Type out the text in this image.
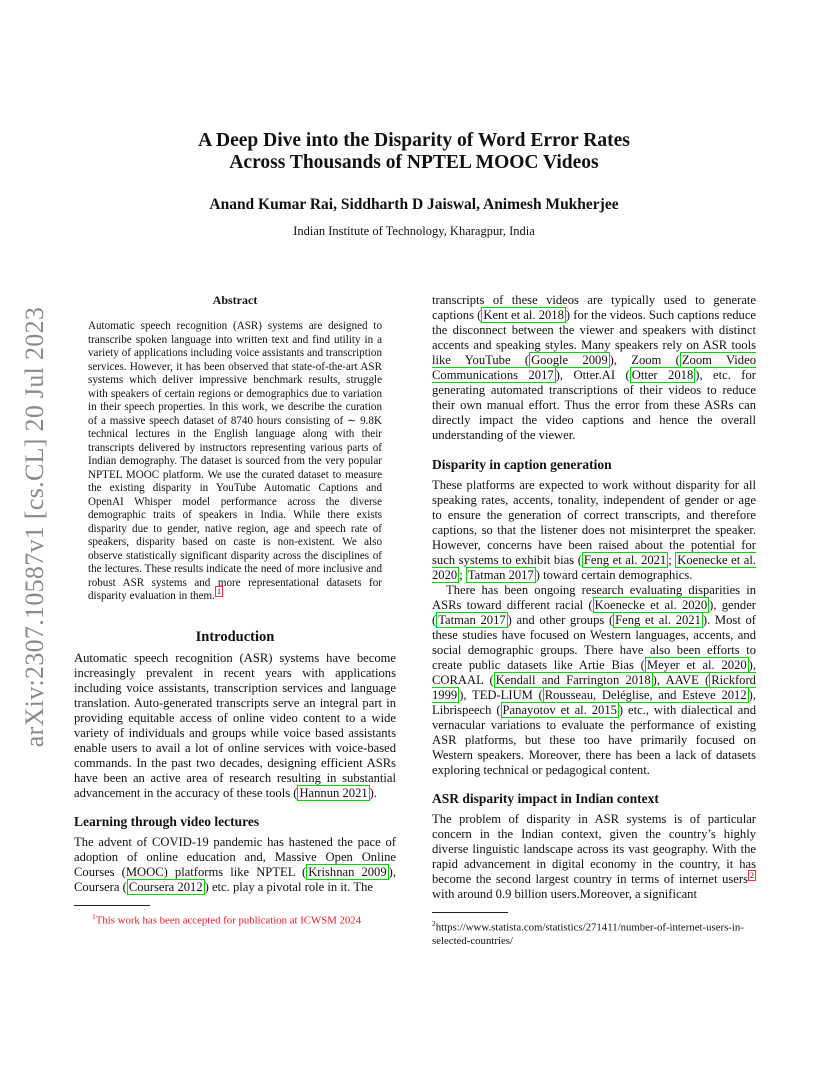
arXiv:2307.10587v1 [cs.CL] 20 Jul 2023
A Deep Dive into the Disparity of Word Error Rates
Across Thousands of NPTEL MOOC Videos
Anand Kumar Rai, Siddharth D Jaiswal, Animesh Mukherjee
Indian Institute of Technology, Kharagpur, India
Abstract

Automatic speech recognition (ASR) systems are designed to transcribe spoken language into written text and find utility in a variety of applications including voice assistants and transcription services. However, it has been observed that state-of-the-art ASR systems which deliver impressive benchmark results, struggle with speakers of certain regions or demographics due to variation in their speech properties. In this work, we describe the curation of a massive speech dataset of 8740 hours consisting of ∼ 9.8K technical lectures in the English language along with their transcripts delivered by instructors representing various parts of Indian demography. The dataset is sourced from the very popular NPTEL MOOC platform. We use the curated dataset to measure the existing disparity in YouTube Automatic Captions and OpenAI Whisper model performance across the diverse demographic traits of speakers in India. While there exists disparity due to gender, native region, age and speech rate of speakers, disparity based on caste is non-existent. We also observe statistically significant disparity across the disciplines of the lectures. These results indicate the need of more inclusive and robust ASR systems and more representational datasets for disparity evaluation in them. $^1$

Introduction

Automatic speech recognition (ASR) systems have become increasingly prevalent in recent years with applications including voice assistants, transcription services and language translation. Auto-generated transcripts serve an integral part in providing equitable access of online video content to a wide variety of individuals and groups while voice based assistants enable users to avail a lot of online services with voice-based commands. In the past two decades, designing efficient ASRs have been an active area of research resulting in substantial advancement in the accuracy of these tools ( Hannun 2021 ).

Learning through video lectures

The advent of COVID-19 pandemic has hastened the pace of adoption of online education and, Massive Open Online Courses (MOOC) platforms like NPTEL ( Krishnan 2009 ), Coursera ( Coursera 2012 ) etc. play a pivotal role in it. The

$^1$This work has been accepted for publication at ICWSM 2024

transcripts of these videos are typically used to generate captions ( Kent et al. 2018 ) for the videos. Such captions reduce the disconnect between the viewer and speakers with distinct accents and speaking styles. Many speakers rely on ASR tools like YouTube ( Google 2009 ), Zoom ( Zoom Video Communications 2017 ), Otter.AI ( Otter 2018 ), etc. for generating automated transcriptions of their videos to reduce their own manual effort. Thus the error from these ASRs can directly impact the video captions and hence the overall understanding of the viewer.

Disparity in caption generation

These platforms are expected to work without disparity for all speaking rates, accents, tonality, independent of gender or age to ensure the generation of correct transcripts, and therefore captions, so that the listener does not misinterpret the speaker. However, concerns have been raised about the potential for such systems to exhibit bias ( Feng et al. 2021 ; Koenecke et al. 2020 ; Tatman 2017 ) toward certain demographics.

There has been ongoing research evaluating disparities in ASRs toward different racial ( Koenecke et al. 2020 ), gender ( Tatman 2017 ) and other groups ( Feng et al. 2021 ). Most of these studies have focused on Western languages, accents, and social demographic groups. There have also been efforts to create public datasets like Artie Bias ( Meyer et al. 2020 ), CORAAL ( Kendall and Farrington 2018 ), AAVE ( Rickford 1999 ), TED-LIUM ( Rousseau, Deléglise, and Esteve 2012 ), Librispeech ( Panayotov et al. 2015 ) etc., with dialectical and vernacular variations to evaluate the performance of existing ASR platforms, but these too have primarily focused on Western speakers. Moreover, there has been a lack of datasets exploring technical or pedagogical content.

ASR disparity impact in Indian context

The problem of disparity in ASR systems is of particular concern in the Indian context, given the country’s highly diverse linguistic landscape across its vast geography. With the rapid advancement in digital economy in the country, it has become the second largest country in terms of internet users $^2$ with around 0.9 billion users.Moreover, a significant

$^2$https://www.statista.com/statistics/271411/number-of-internet-users-in-selected-countries/
